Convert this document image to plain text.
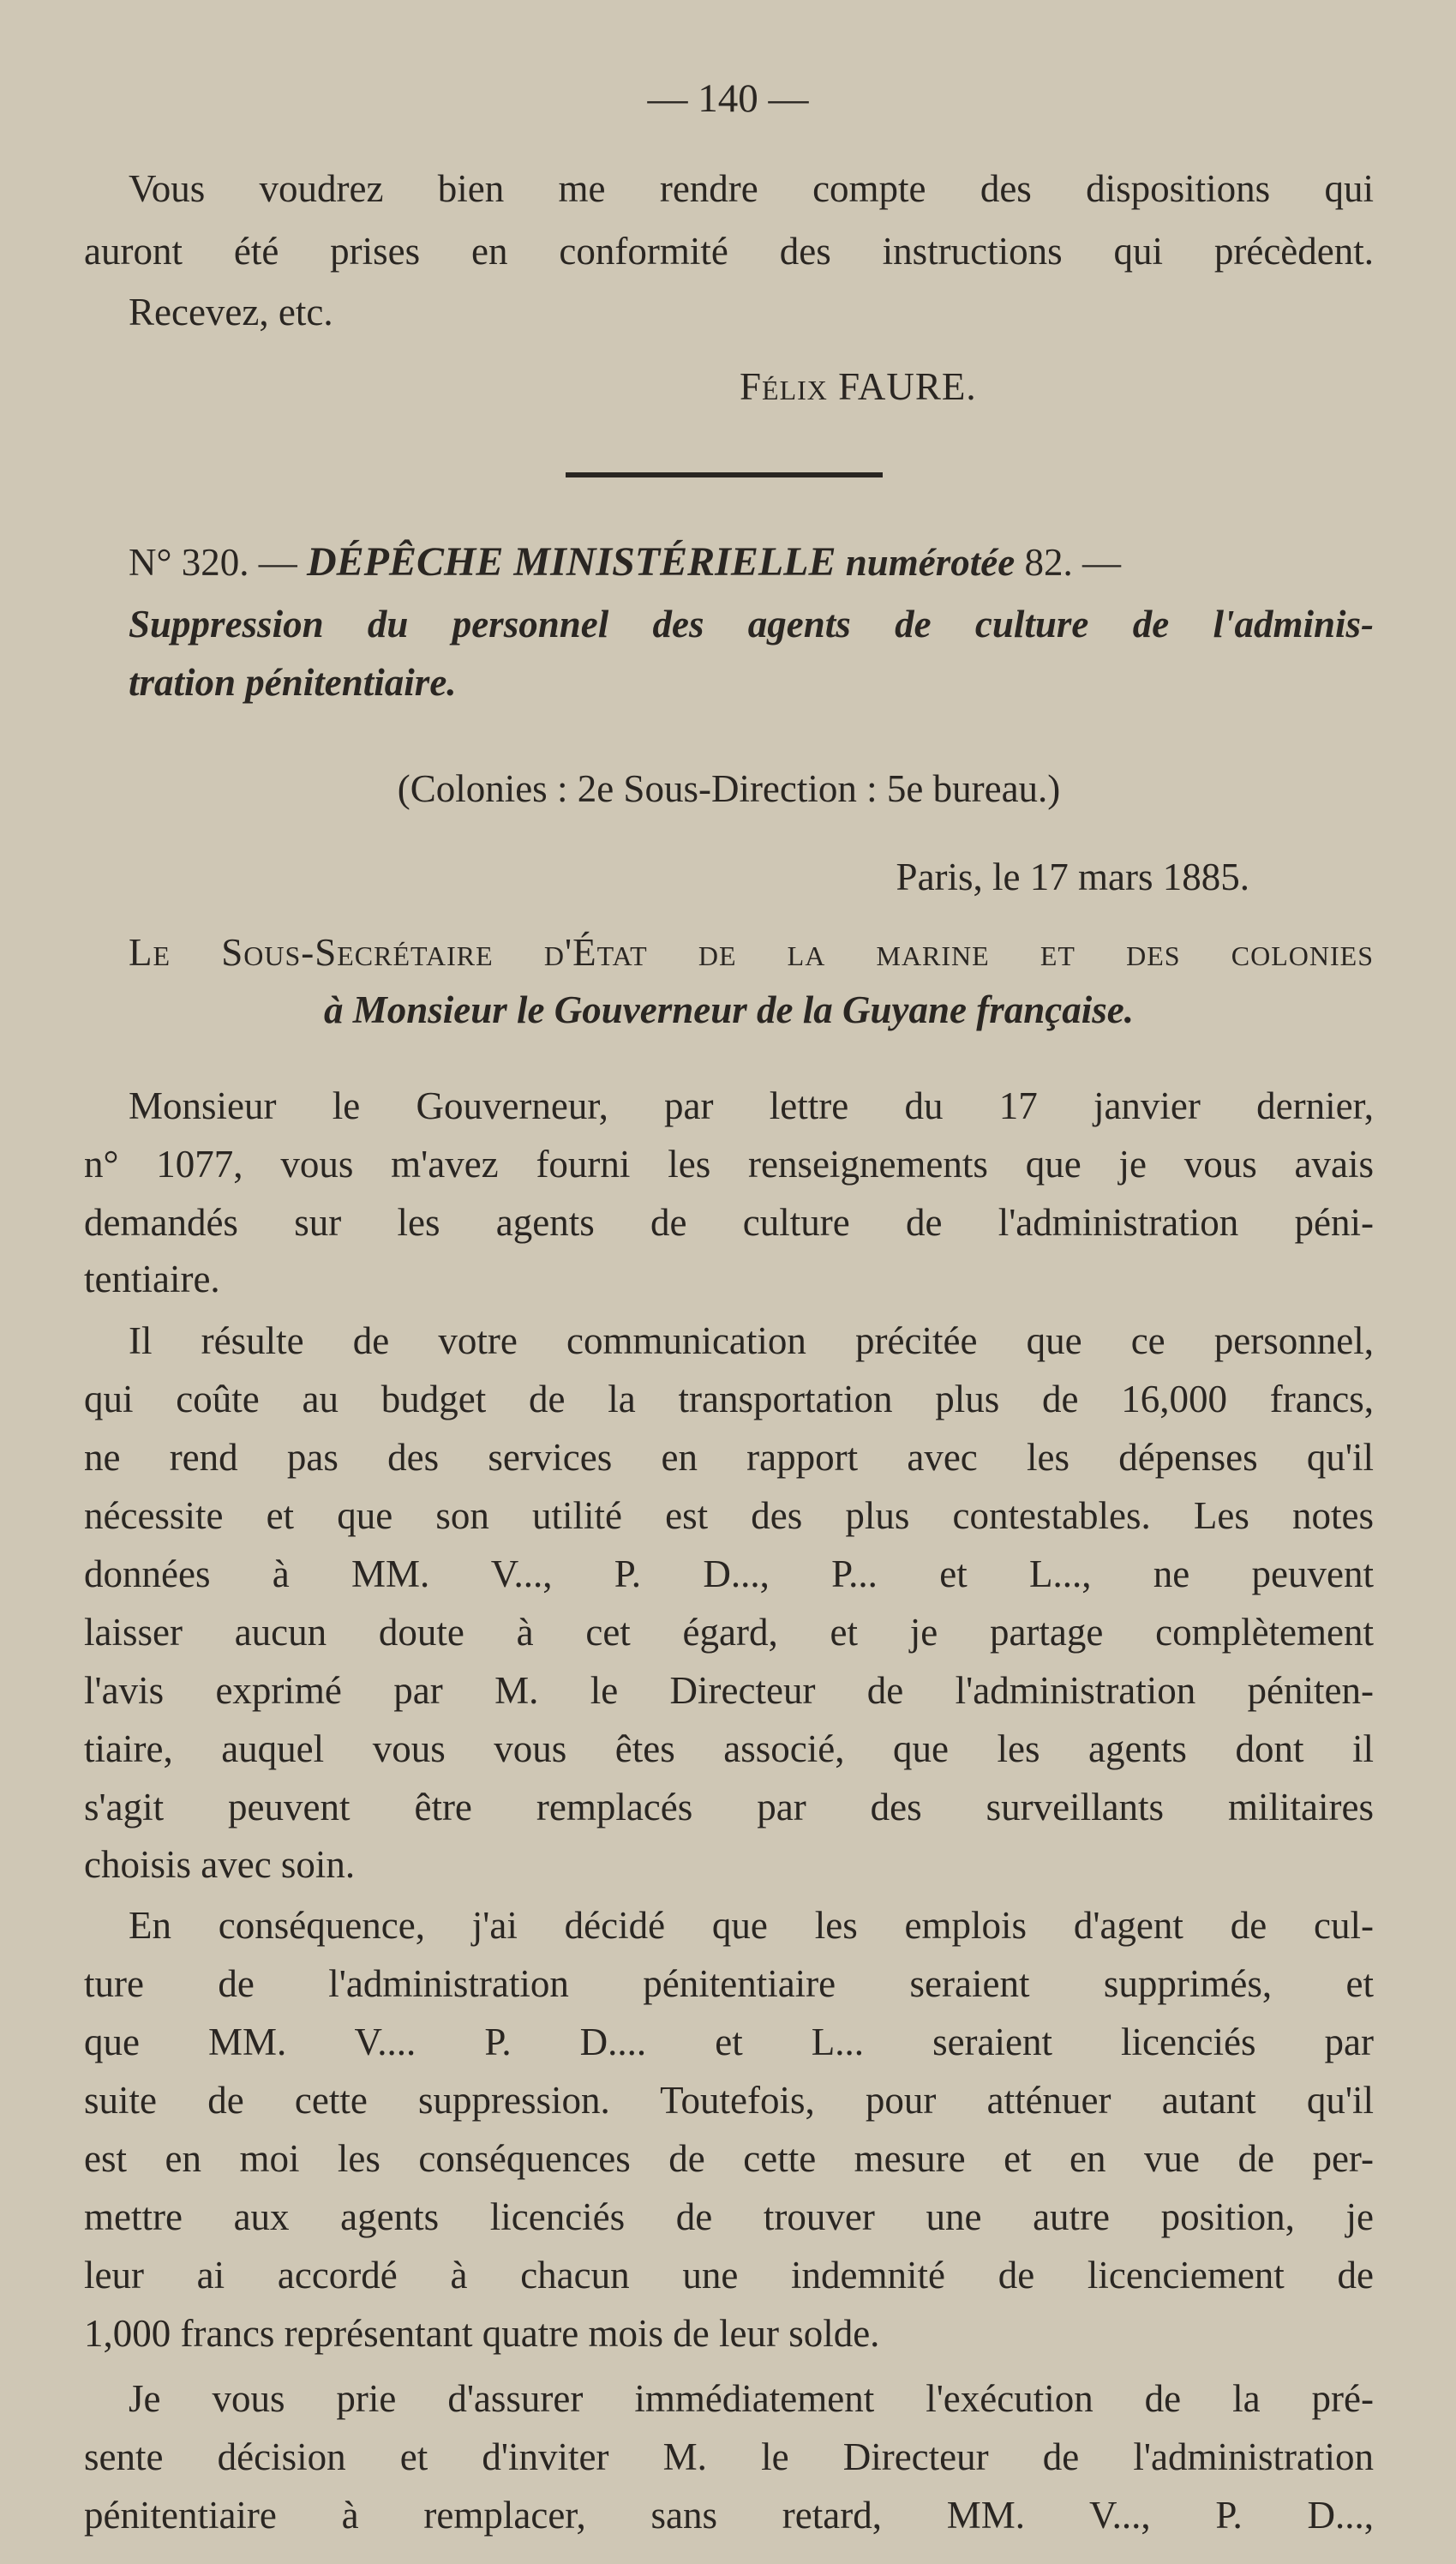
— 140 —
Vous voudrez bien me rendre compte des dispositions qui
auront été prises en conformité des instructions qui précèdent.
Recevez, etc.
Félix FAURE.
N° 320. — DÉPÊCHE MINISTÉRIELLE numérotée 82. —
Suppression du personnel des agents de culture de l'adminis-
tration pénitentiaire.
(Colonies : 2e Sous-Direction : 5e bureau.)
Paris, le 17 mars 1885.
Le Sous-Secrétaire d'État de la marine et des colonies
à Monsieur le Gouverneur de la Guyane française.
Monsieur le Gouverneur, par lettre du 17 janvier dernier,
n° 1077, vous m'avez fourni les renseignements que je vous avais
demandés sur les agents de culture de l'administration péni-
tentiaire.
Il résulte de votre communication précitée que ce personnel,
qui coûte au budget de la transportation plus de 16,000 francs,
ne rend pas des services en rapport avec les dépenses qu'il
nécessite et que son utilité est des plus contestables. Les notes
données à MM. V..., P. D..., P... et L..., ne peuvent
laisser aucun doute à cet égard, et je partage complètement
l'avis exprimé par M. le Directeur de l'administration péniten-
tiaire, auquel vous vous êtes associé, que les agents dont il
s'agit peuvent être remplacés par des surveillants militaires
choisis avec soin.
En conséquence, j'ai décidé que les emplois d'agent de cul-
ture de l'administration pénitentiaire seraient supprimés, et
que MM. V.... P. D.... et L... seraient licenciés par
suite de cette suppression. Toutefois, pour atténuer autant qu'il
est en moi les conséquences de cette mesure et en vue de per-
mettre aux agents licenciés de trouver une autre position, je
leur ai accordé à chacun une indemnité de licenciement de
1,000 francs représentant quatre mois de leur solde.
Je vous prie d'assurer immédiatement l'exécution de la pré-
sente décision et d'inviter M. le Directeur de l'administration
pénitentiaire à remplacer, sans retard, MM. V..., P. D...,
